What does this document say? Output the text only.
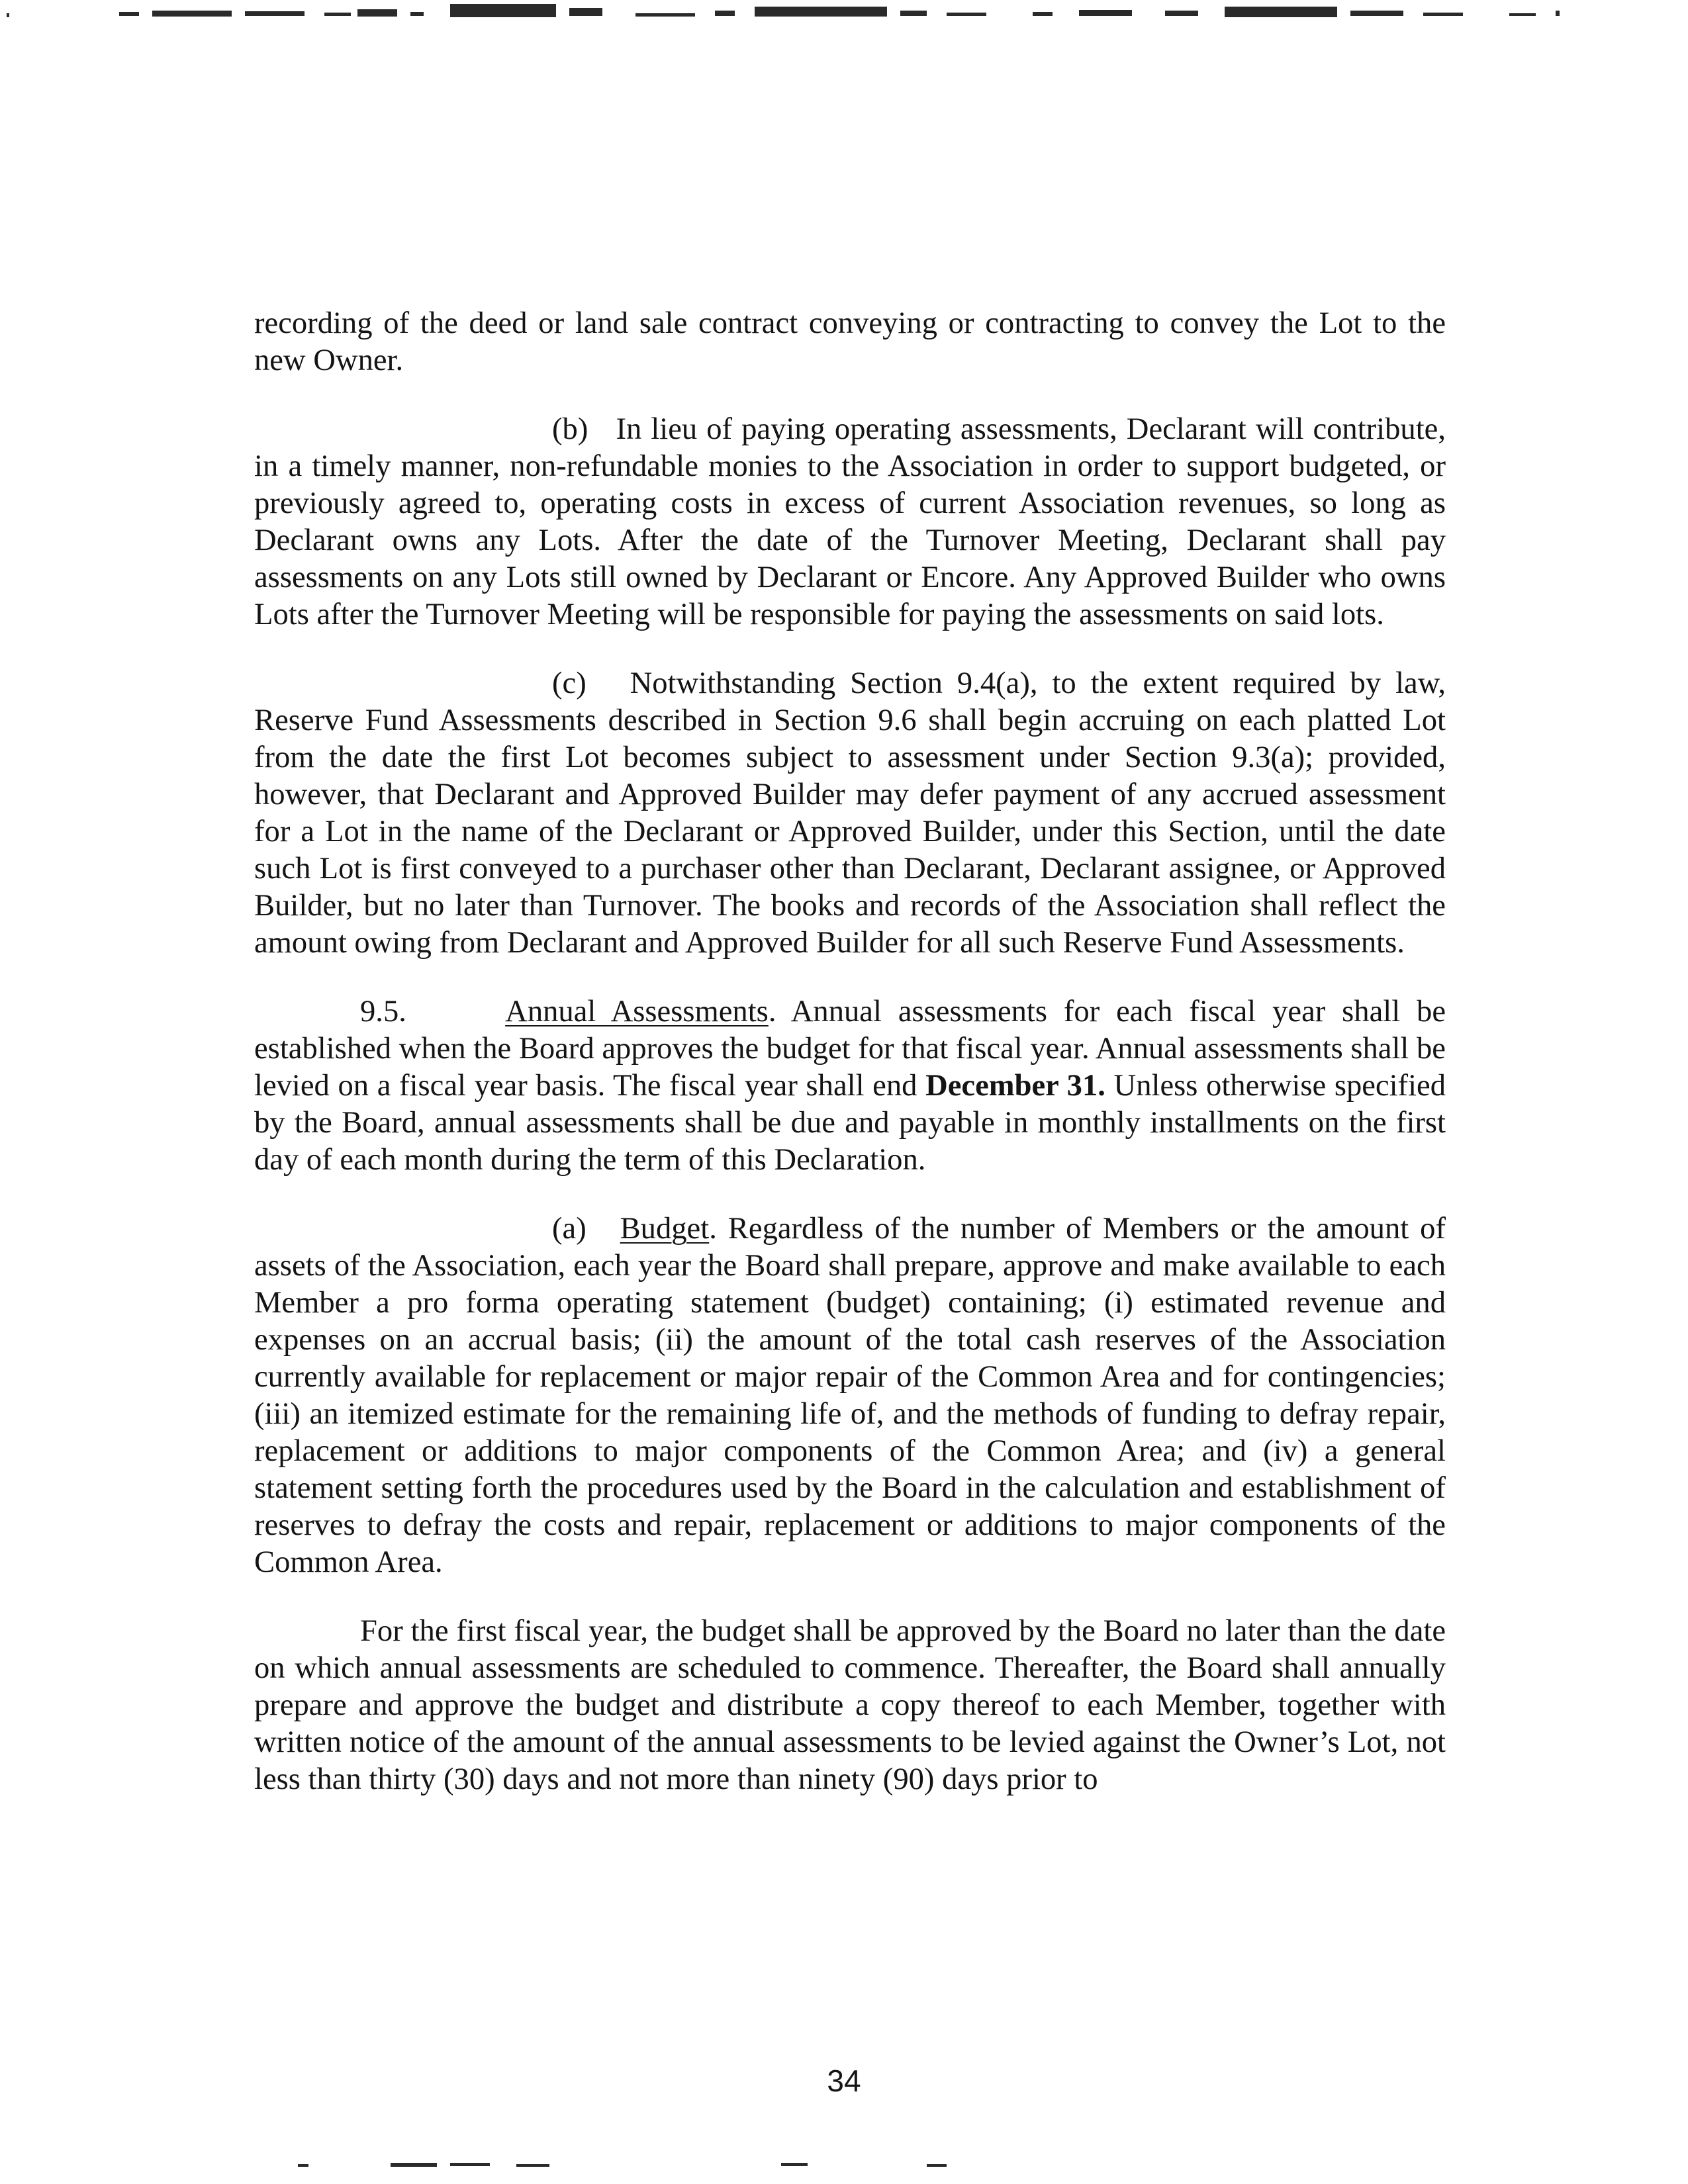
recording of the deed or land sale contract conveying or contracting to convey the Lot to the new Owner.

(b) In lieu of paying operating assessments, Declarant will contribute, in a timely manner, non-refundable monies to the Association in order to support budgeted, or previously agreed to, operating costs in excess of current Association revenues, so long as Declarant owns any Lots. After the date of the Turnover Meeting, Declarant shall pay assessments on any Lots still owned by Declarant or Encore. Any Approved Builder who owns Lots after the Turnover Meeting will be responsible for paying the assessments on said lots.

(c) Notwithstanding Section 9.4(a), to the extent required by law, Reserve Fund Assessments described in Section 9.6 shall begin accruing on each platted Lot from the date the first Lot becomes subject to assessment under Section 9.3(a); provided, however, that Declarant and Approved Builder may defer payment of any accrued assessment for a Lot in the name of the Declarant or Approved Builder, under this Section, until the date such Lot is first conveyed to a purchaser other than Declarant, Declarant assignee, or Approved Builder, but no later than Turnover. The books and records of the Association shall reflect the amount owing from Declarant and Approved Builder for all such Reserve Fund Assessments.

9.5.	Annual Assessments. Annual assessments for each fiscal year shall be established when the Board approves the budget for that fiscal year. Annual assessments shall be levied on a fiscal year basis. The fiscal year shall end December 31. Unless otherwise specified by the Board, annual assessments shall be due and payable in monthly installments on the first day of each month during the term of this Declaration.

(a) Budget. Regardless of the number of Members or the amount of assets of the Association, each year the Board shall prepare, approve and make available to each Member a pro forma operating statement (budget) containing; (i) estimated revenue and expenses on an accrual basis; (ii) the amount of the total cash reserves of the Association currently available for replacement or major repair of the Common Area and for contingencies; (iii) an itemized estimate for the remaining life of, and the methods of funding to defray repair, replacement or additions to major components of the Common Area; and (iv) a general statement setting forth the procedures used by the Board in the calculation and establishment of reserves to defray the costs and repair, replacement or additions to major components of the Common Area.

For the first fiscal year, the budget shall be approved by the Board no later than the date on which annual assessments are scheduled to commence. Thereafter, the Board shall annually prepare and approve the budget and distribute a copy thereof to each Member, together with written notice of the amount of the annual assessments to be levied against the Owner’s Lot, not less than thirty (30) days and not more than ninety (90) days prior to

34
